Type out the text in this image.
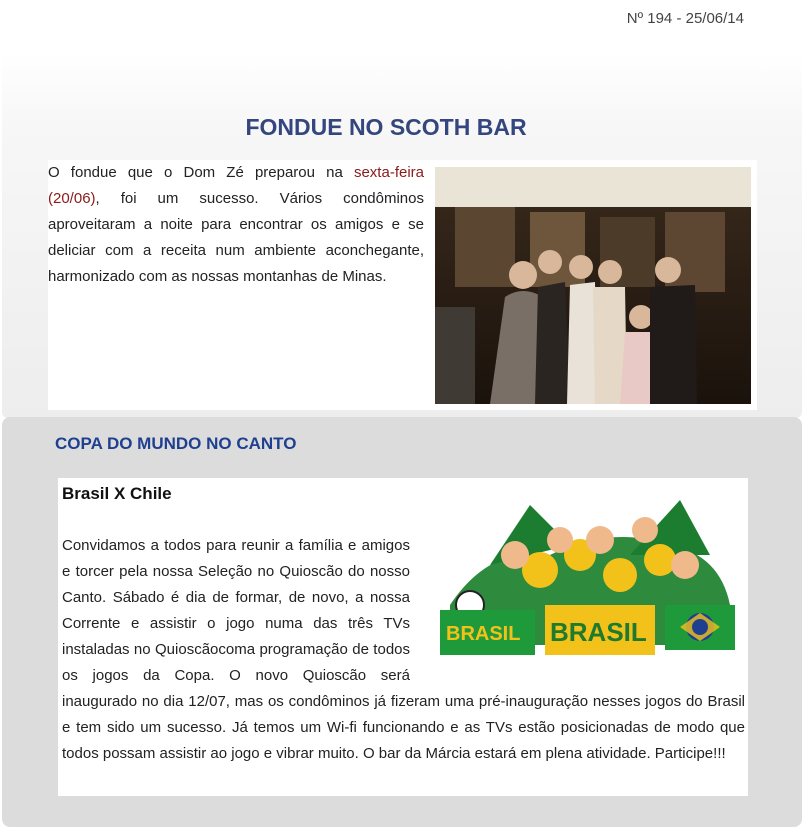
Nº 194 - 25/06/14
FONDUE NO SCOTH BAR
O fondue que o Dom Zé preparou na sexta-feira (20/06), foi um sucesso. Vários condôminos aproveitaram a noite para encontrar os amigos e se deliciar com a receita num ambiente aconchegante, harmonizado com as nossas montanhas de Minas.
COPA DO MUNDO NO CANTO
Brasil X Chile
BRASIL BRASIL

Convidamos a todos para reunir a família e amigos e torcer pela nossa Seleção no Quioscão do nosso Canto. Sábado é dia de formar, de novo, a nossa Corrente e assistir o jogo numa das três TVs instaladas no Quioscãocoma programação de todos os jogos da Copa. O novo Quioscão será inaugurado no dia 12/07, mas os condôminos já fizeram uma pré-inauguração nesses jogos do Brasil e tem sido um sucesso. Já temos um Wi-fi funcionando e as TVs estão posicionadas de modo que todos possam assistir ao jogo e vibrar muito. O bar da Márcia estará em plena atividade. Participe!!!
